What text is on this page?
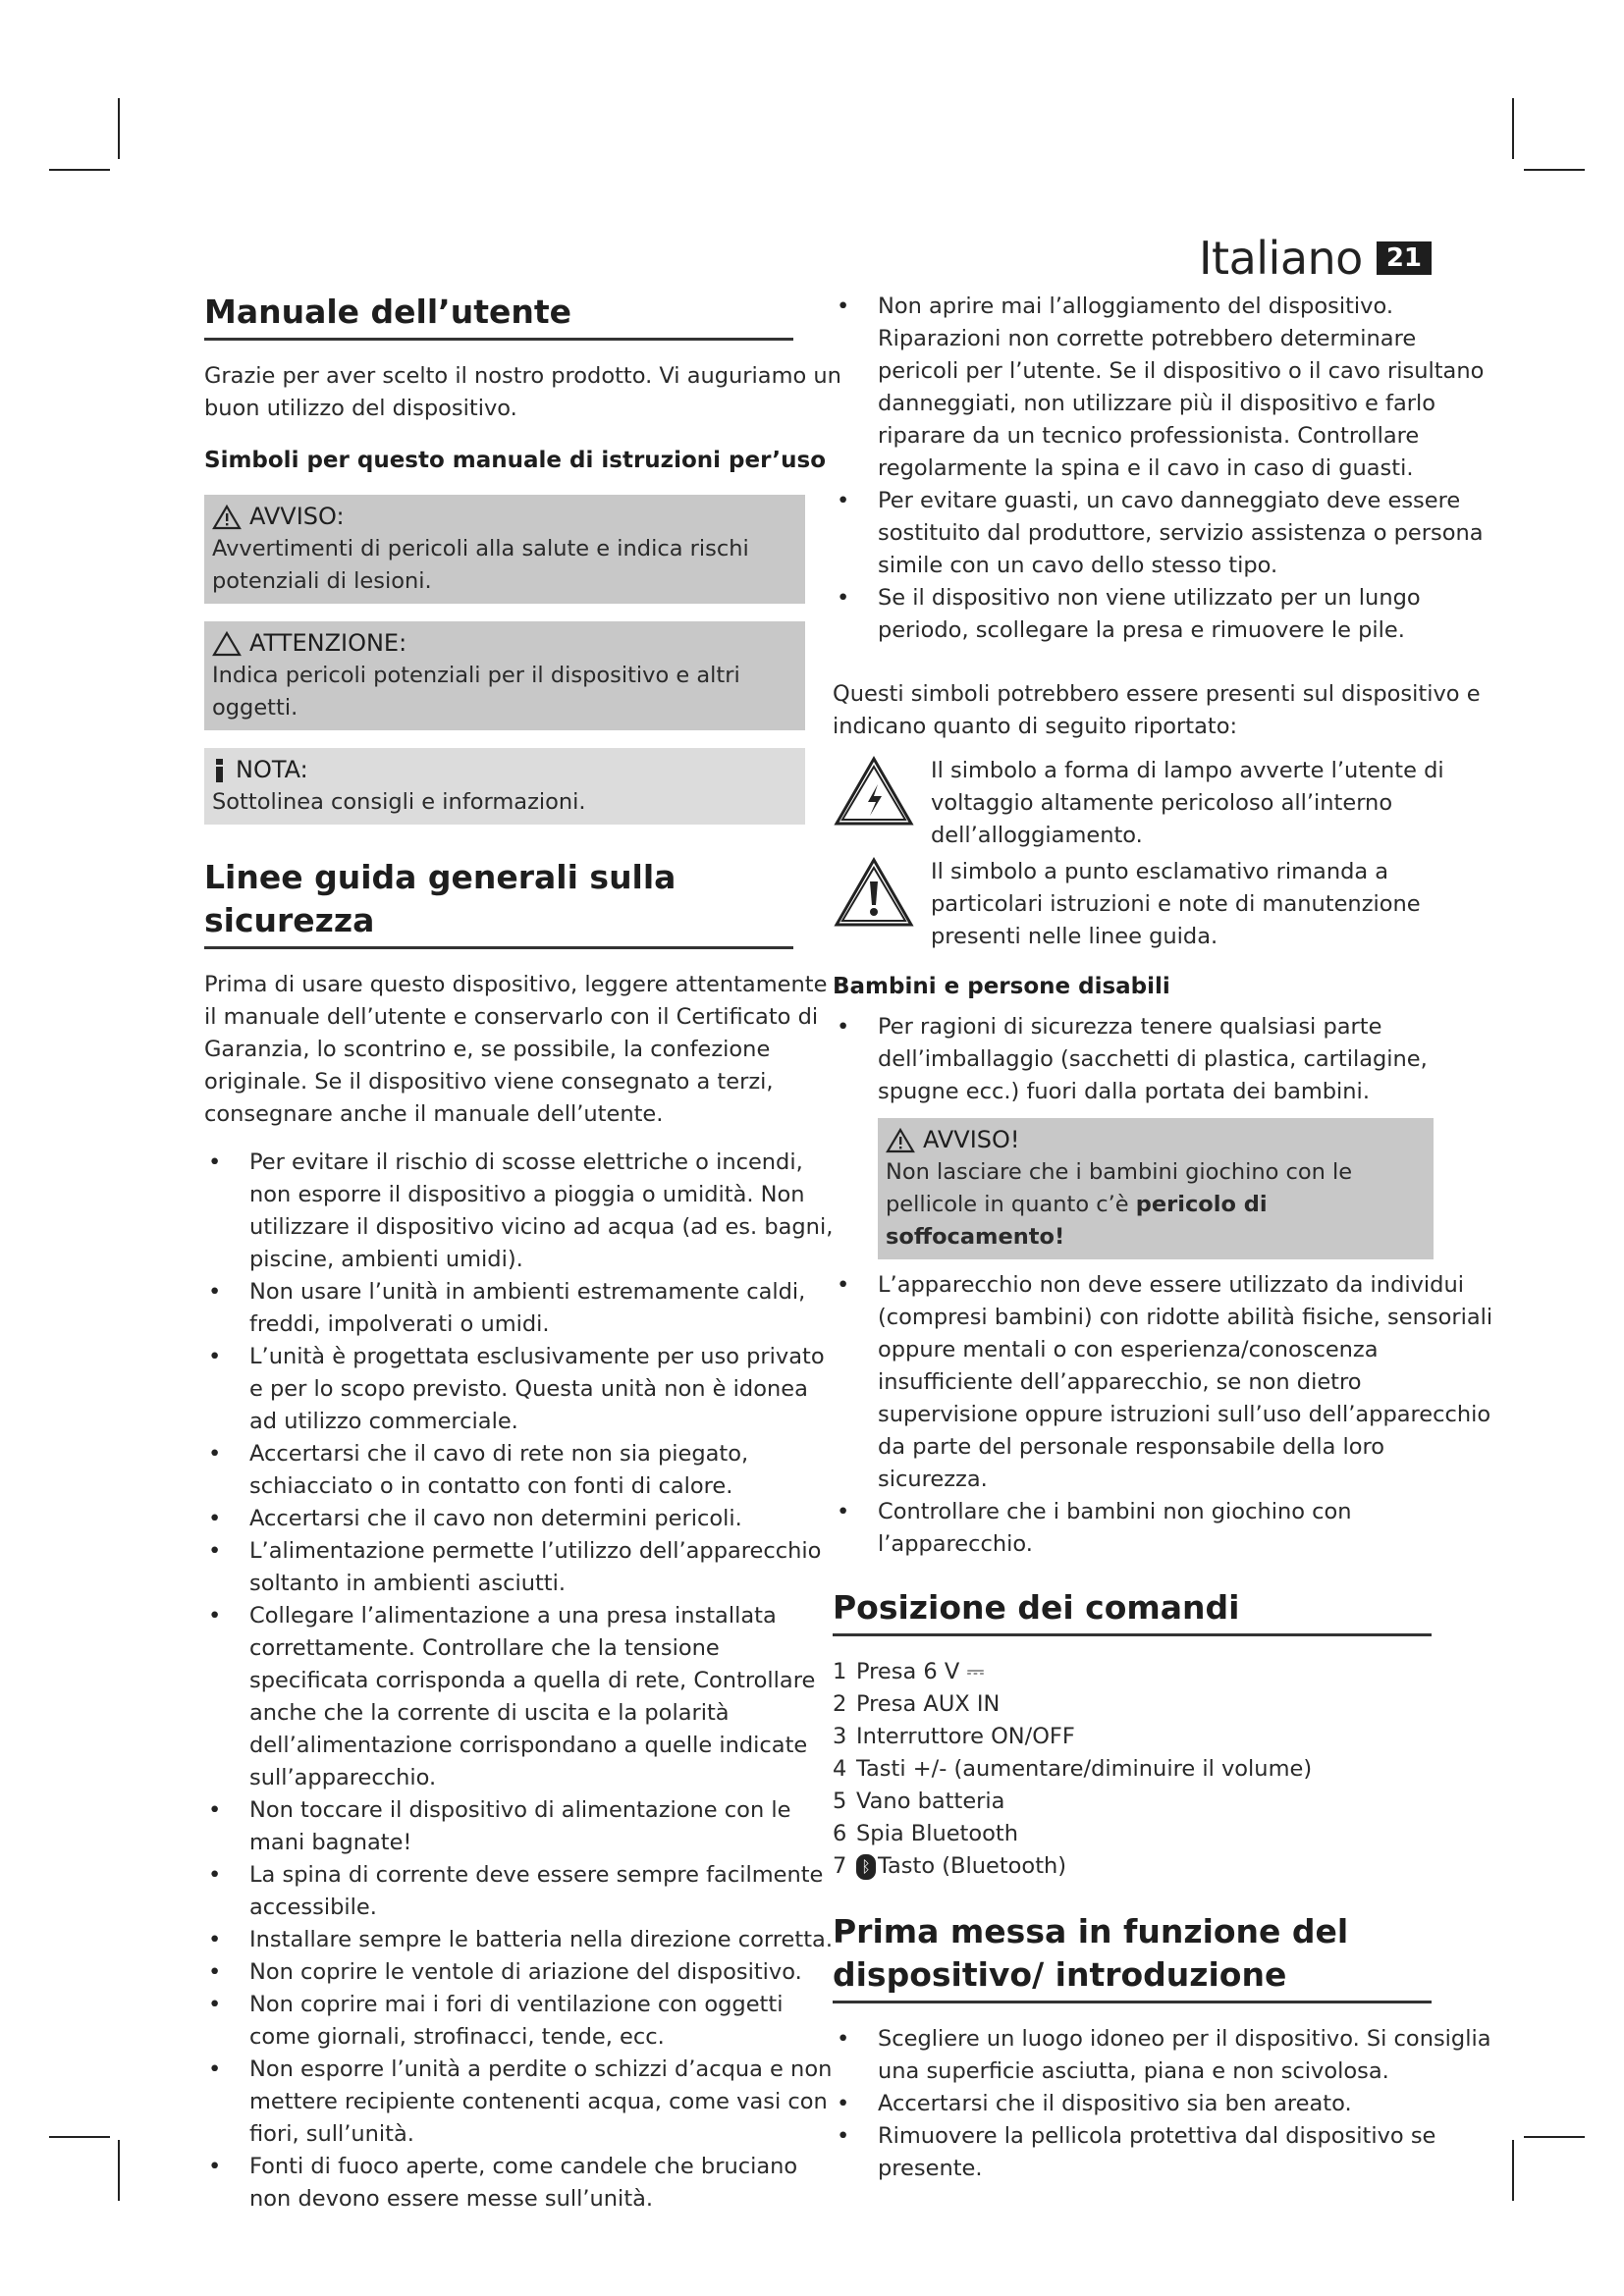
Italiano 21
Manuale dell’utente

Grazie per aver scelto il nostro prodotto. Vi auguriamo un buon utilizzo del dispositivo.

Simboli per questo manuale di istruzioni per’uso
AVVISO:

Avvertimenti di pericoli alla salute e indica rischi potenziali di lesioni.

ATTENZIONE:

Indica pericoli potenziali per il dispositivo e altri oggetti.

NOTA:

Sottolinea consigli e informazioni.

Linee guida generali sulla sicurezza

Prima di usare questo dispositivo, leggere attentamente il manuale dell’utente e conservarlo con il Certificato di Garanzia, lo scontrino e, se possibile, la confezione originale. Se il dispositivo viene consegnato a terzi, consegnare anche il manuale dell’utente.

• Per evitare il rischio di scosse elettriche o incendi, non esporre il dispositivo a pioggia o umidità. Non utilizzare il dispositivo vicino ad acqua (ad es. bagni, piscine, ambienti umidi).
• Non usare l’unità in ambienti estremamente caldi, freddi, impolverati o umidi.
• L’unità è progettata esclusivamente per uso privato e per lo scopo previsto. Questa unità non è idonea ad utilizzo commerciale.
• Accertarsi che il cavo di rete non sia piegato, schiacciato o in contatto con fonti di calore.
• Accertarsi che il cavo non determini pericoli.
• L’alimentazione permette l’utilizzo dell’apparecchio soltanto in ambienti asciutti.
• Collegare l’alimentazione a una presa installata correttamente. Controllare che la tensione specificata corrisponda a quella di rete, Controllare anche che la corrente di uscita e la polarità dell’alimentazione corrispondano a quelle indicate sull’apparecchio.
• Non toccare il dispositivo di alimentazione con le mani bagnate!
• La spina di corrente deve essere sempre facilmente accessibile.
• Installare sempre le batteria nella direzione corretta.
• Non coprire le ventole di ariazione del dispositivo.
• Non coprire mai i fori di ventilazione con oggetti come giornali, strofinacci, tende, ecc.
• Non esporre l’unità a perdite o schizzi d’acqua e non mettere recipiente contenenti acqua, come vasi con fiori, sull’unità.
• Fonti di fuoco aperte, come candele che bruciano non devono essere messe sull’unità.
• Non aprire mai l’alloggiamento del dispositivo. Riparazioni non corrette potrebbero determinare pericoli per l’utente. Se il dispositivo o il cavo risultano danneggiati, non utilizzare più il dispositivo e farlo riparare da un tecnico professionista. Controllare regolarmente la spina e il cavo in caso di guasti.
• Per evitare guasti, un cavo danneggiato deve essere sostituito dal produttore, servizio assistenza o persona simile con un cavo dello stesso tipo.
• Se il dispositivo non viene utilizzato per un lungo periodo, scollegare la presa e rimuovere le pile.

Questi simboli potrebbero essere presenti sul dispositivo e indicano quanto di seguito riportato:

Il simbolo a forma di lampo avverte l’utente di voltaggio altamente pericoloso all’interno dell’alloggiamento.

Il simbolo a punto esclamativo rimanda a particolari istruzioni e note di manutenzione presenti nelle linee guida.

Bambini e persone disabili
• Per ragioni di sicurezza tenere qualsiasi parte dell’imballaggio (sacchetti di plastica, cartilagine, spugne ecc.) fuori dalla portata dei bambini.
AVVISO!

Non lasciare che i bambini giochino con le pellicole in quanto c’è pericolo di soffocamento!

• L’apparecchio non deve essere utilizzato da individui (compresi bambini) con ridotte abilità fisiche, sensoriali oppure mentali o con esperienza/conoscenza insufficiente dell’apparecchio, se non dietro supervisione oppure istruzioni sull’uso dell’apparecchio da parte del personale responsabile della loro sicurezza.
• Controllare che i bambini non giochino con l’apparecchio.
Posizione dei comandi
1 Presa 6 V ⎓
2 Presa AUX IN
3 Interruttore ON/OFF
4 Tasti +/- (aumentare/diminuire il volume)
5 Vano batteria
6 Spia Bluetooth
7 ᛒ Tasto (Bluetooth)
Prima messa in funzione del dispositivo/ introduzione
• Scegliere un luogo idoneo per il dispositivo. Si consiglia una superficie asciutta, piana e non scivolosa.
• Accertarsi che il dispositivo sia ben areato.
• Rimuovere la pellicola protettiva dal dispositivo se presente.
